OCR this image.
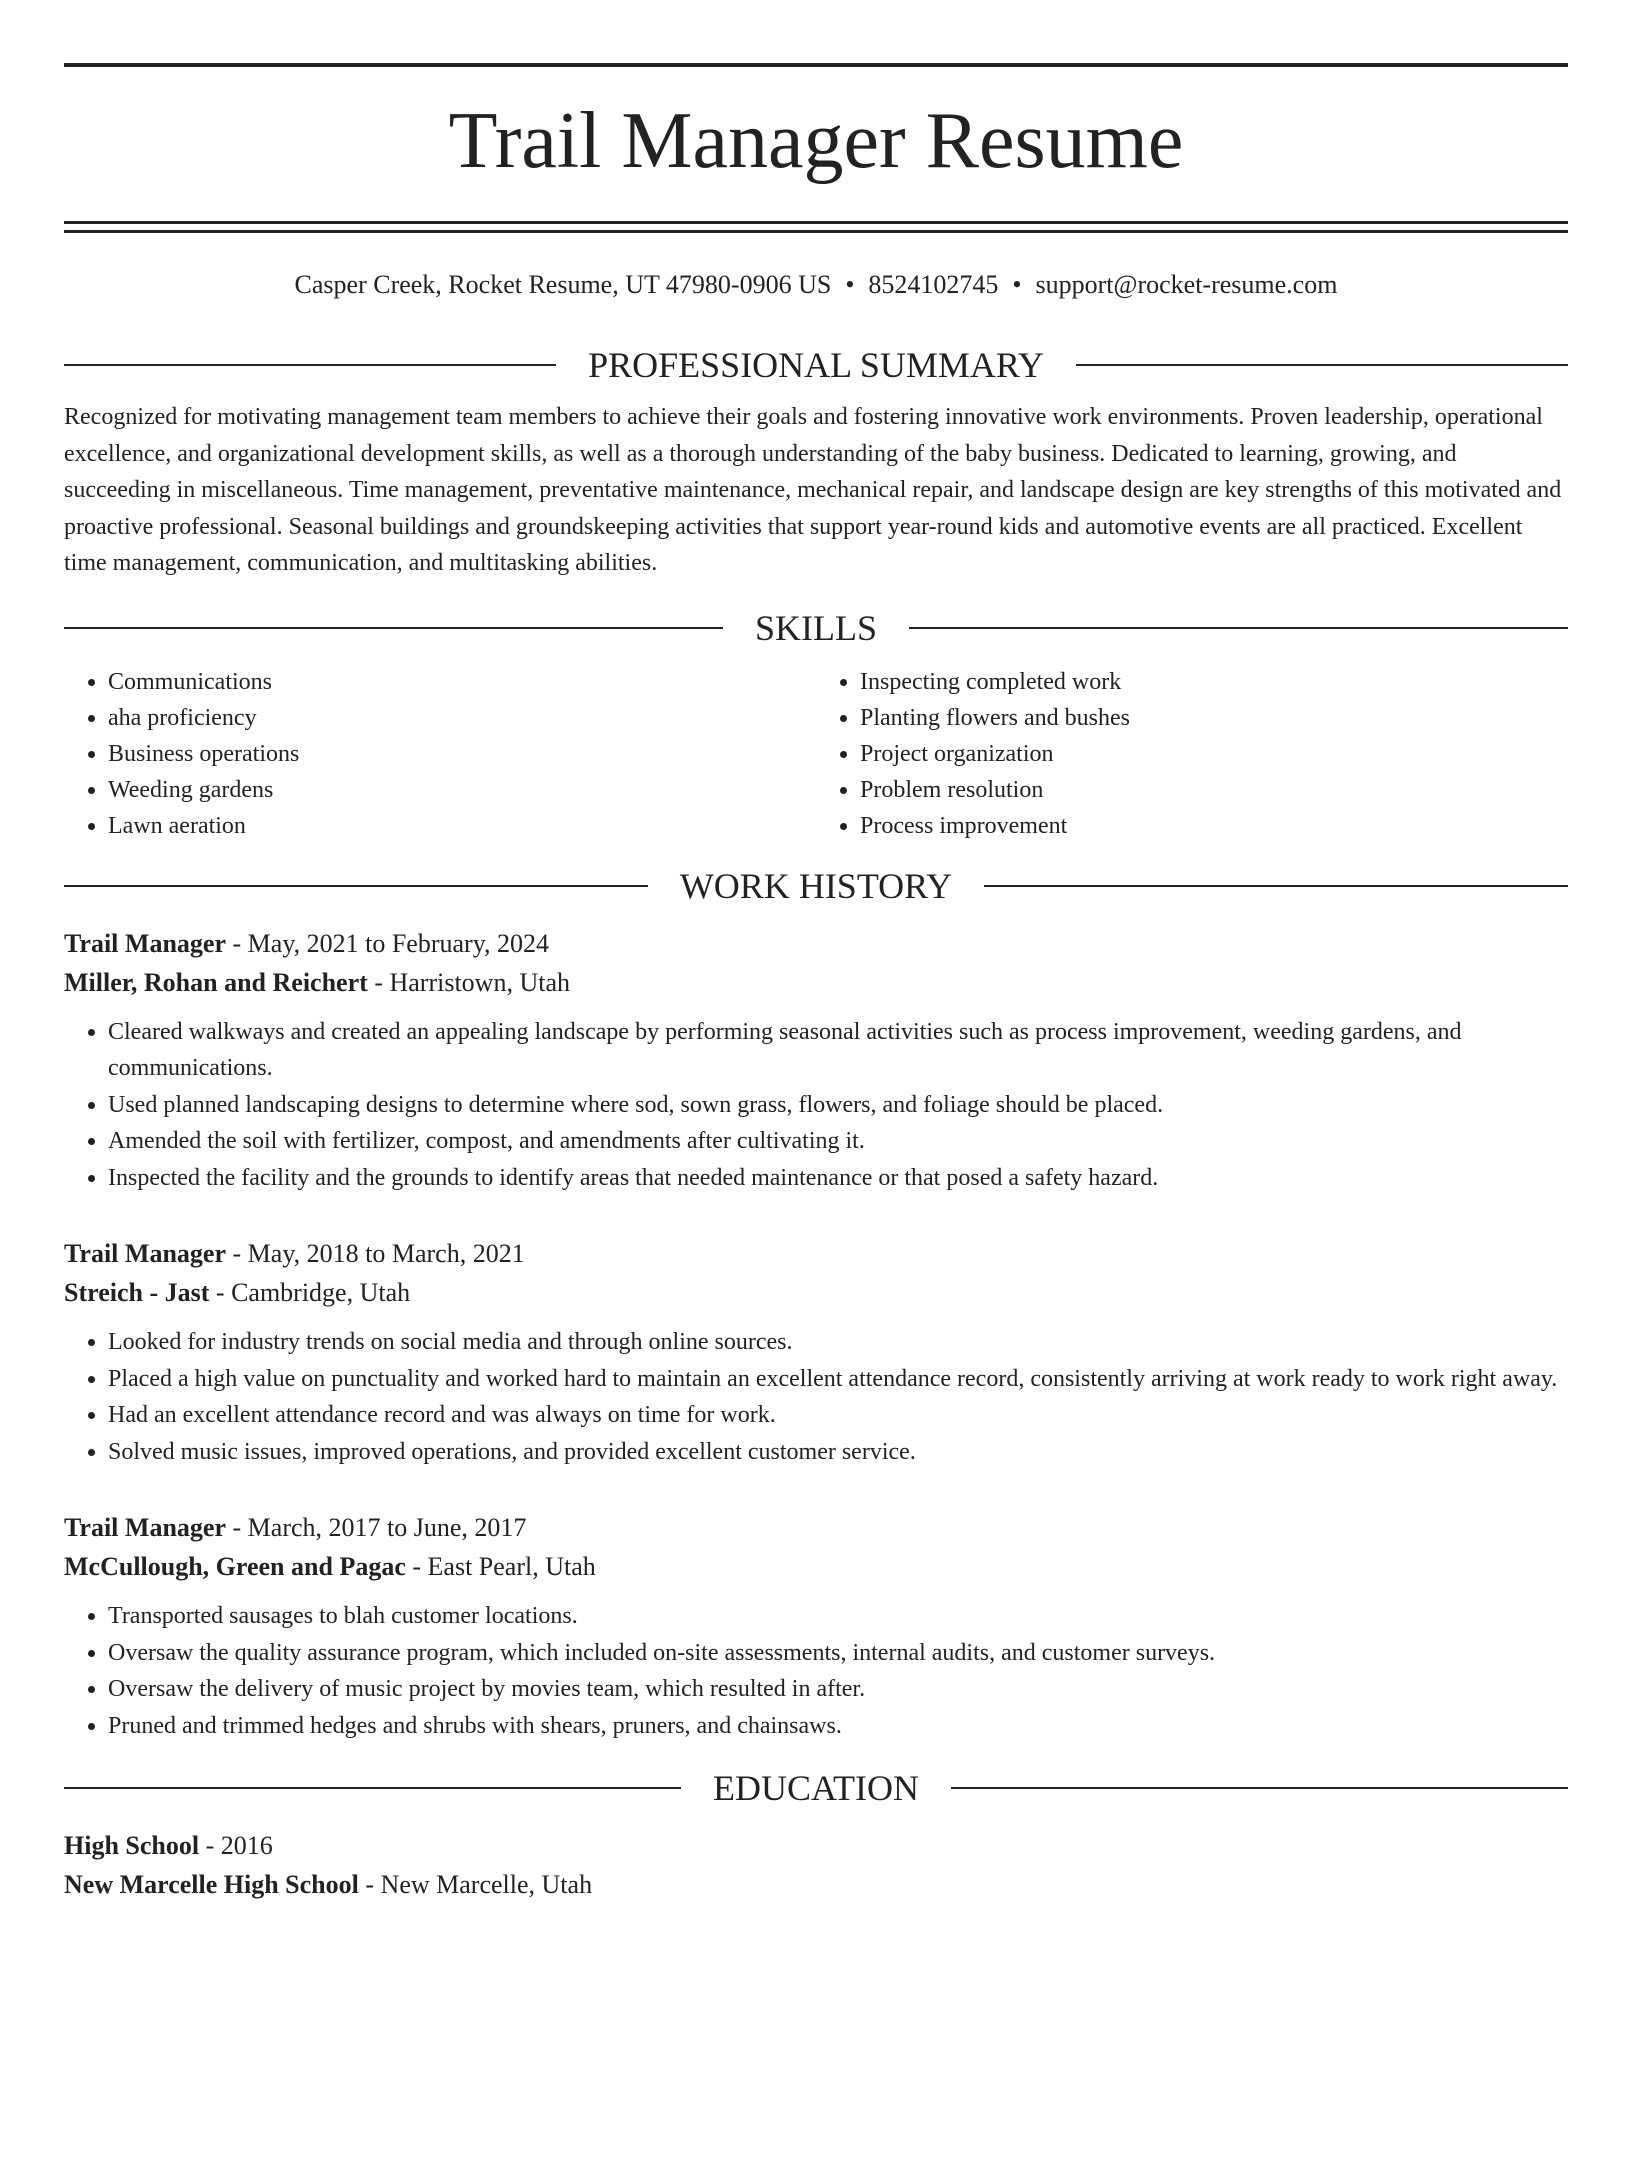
Trail Manager Resume
Casper Creek, Rocket Resume, UT 47980-0906 US • 8524102745 • support@rocket-resume.com
PROFESSIONAL SUMMARY
Recognized for motivating management team members to achieve their goals and fostering innovative work environments. Proven leadership, operational excellence, and organizational development skills, as well as a thorough understanding of the baby business. Dedicated to learning, growing, and succeeding in miscellaneous. Time management, preventative maintenance, mechanical repair, and landscape design are key strengths of this motivated and proactive professional. Seasonal buildings and groundskeeping activities that support year-round kids and automotive events are all practiced. Excellent time management, communication, and multitasking abilities.
SKILLS
• Communications
• aha proficiency
• Business operations
• Weeding gardens
• Lawn aeration
• Inspecting completed work
• Planting flowers and bushes
• Project organization
• Problem resolution
• Process improvement
WORK HISTORY
Trail Manager - May, 2021 to February, 2024
Miller, Rohan and Reichert - Harristown, Utah
• Cleared walkways and created an appealing landscape by performing seasonal activities such as process improvement, weeding gardens, and communications.
• Used planned landscaping designs to determine where sod, sown grass, flowers, and foliage should be placed.
• Amended the soil with fertilizer, compost, and amendments after cultivating it.
• Inspected the facility and the grounds to identify areas that needed maintenance or that posed a safety hazard.
Trail Manager - May, 2018 to March, 2021
Streich - Jast - Cambridge, Utah
• Looked for industry trends on social media and through online sources.
• Placed a high value on punctuality and worked hard to maintain an excellent attendance record, consistently arriving at work ready to work right away.
• Had an excellent attendance record and was always on time for work.
• Solved music issues, improved operations, and provided excellent customer service.
Trail Manager - March, 2017 to June, 2017
McCullough, Green and Pagac - East Pearl, Utah
• Transported sausages to blah customer locations.
• Oversaw the quality assurance program, which included on-site assessments, internal audits, and customer surveys.
• Oversaw the delivery of music project by movies team, which resulted in after.
• Pruned and trimmed hedges and shrubs with shears, pruners, and chainsaws.
EDUCATION
High School - 2016
New Marcelle High School - New Marcelle, Utah
